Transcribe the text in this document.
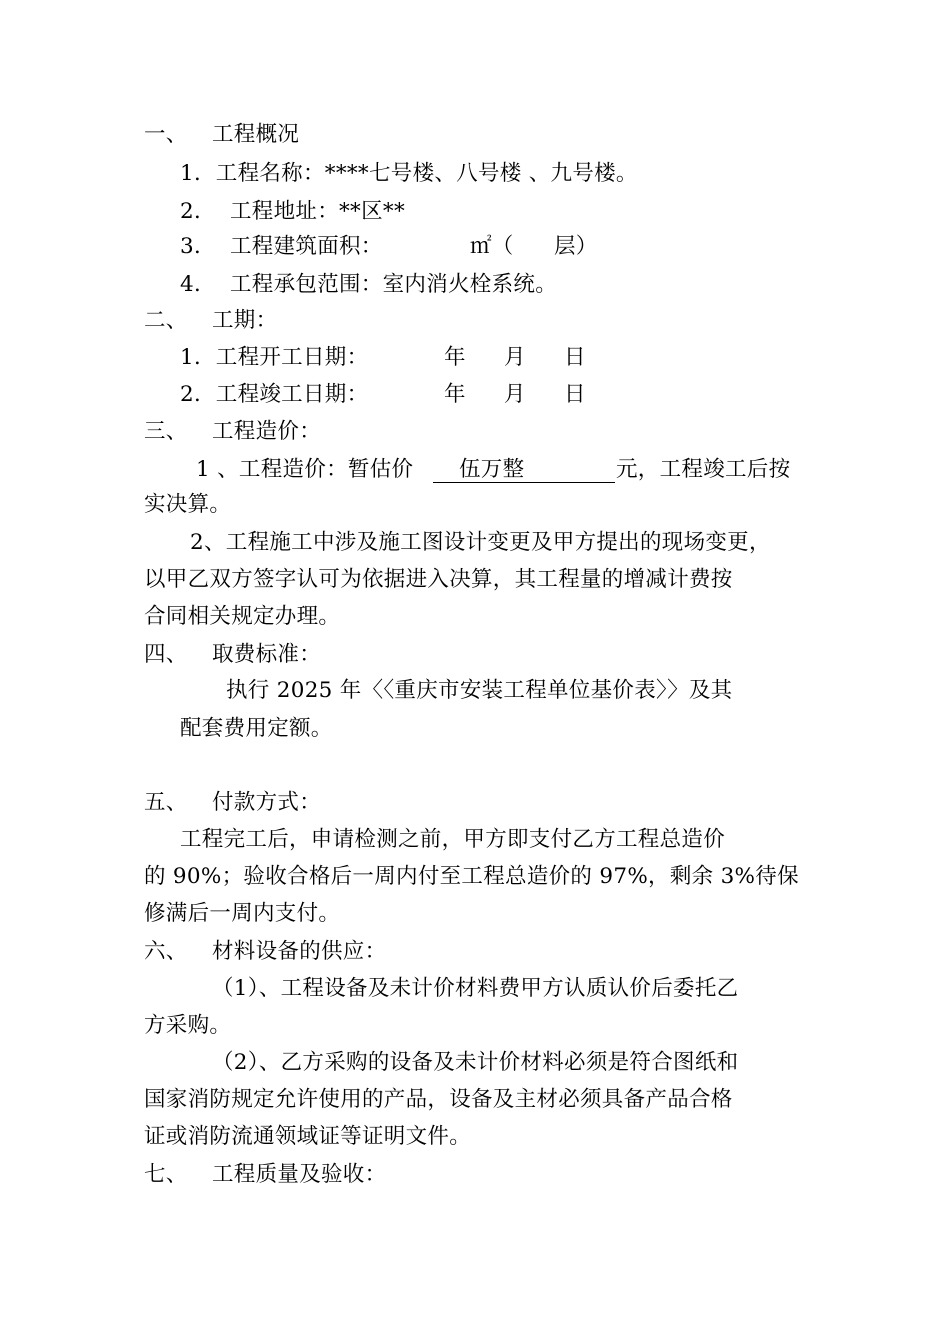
一、 工程概况
1．工程名称：****七号楼、八号楼 、九号楼。
2． 工程地址：**区**
3． 工程建筑面积：	㎡（ 层）
4． 工程承包范围：室内消火栓系统。
二、 工期：
1．工程开工日期：	年 月 日
2．工程竣工日期：	年 月 日
三、 工程造价：
1 、工程造价：暂估价	伍万整	元，工程竣工后按
实决算。
2、工程施工中涉及施工图设计变更及甲方提出的现场变更，
以甲乙双方签字认可为依据进入决算，其工程量的增减计费按
合同相关规定办理。
四、 取费标准：
执行 2025 年〈〈重庆市安装工程单位基价表〉〉及其
配套费用定额。
五、 付款方式：
工程完工后，申请检测之前，甲方即支付乙方工程总造价
的 90%；验收合格后一周内付至工程总造价的 97%，剩余 3%待保
修满后一周内支付。
六、 材料设备的供应：
（1）、工程设备及未计价材料费甲方认质认价后委托乙
方采购。
（2）、乙方采购的设备及未计价材料必须是符合图纸和
国家消防规定允许使用的产品，设备及主材必须具备产品合格
证或消防流通领域证等证明文件。
七、 工程质量及验收：
